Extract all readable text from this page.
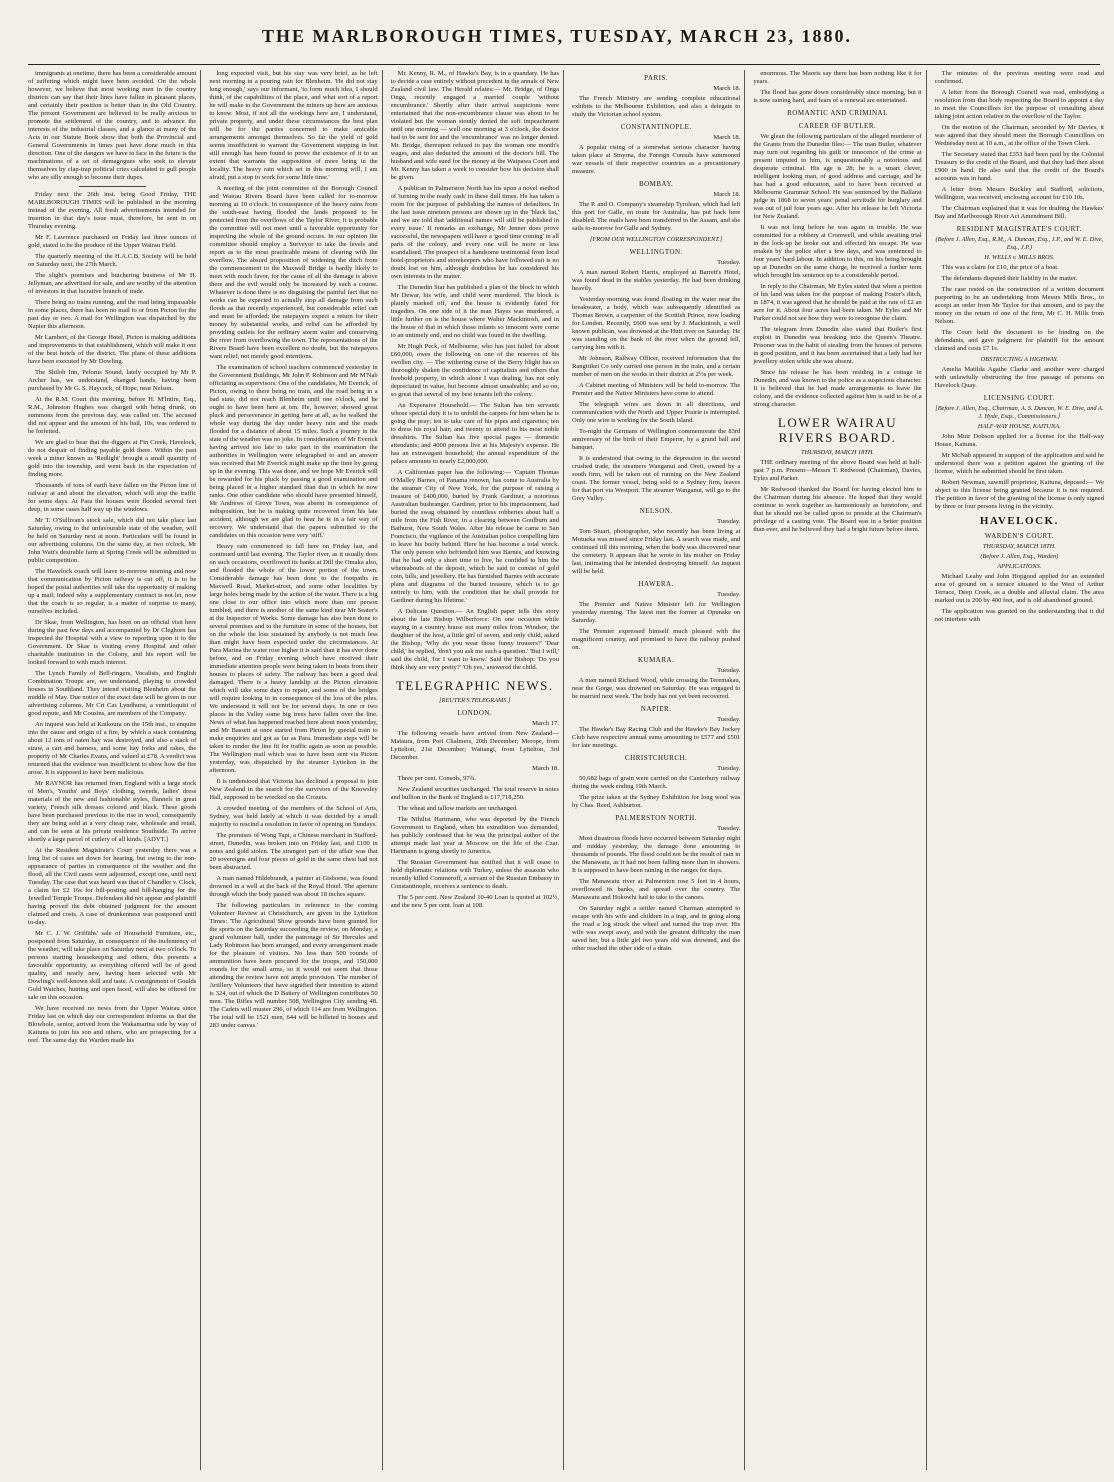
THE MARLBOROUGH TIMES, TUESDAY, MARCH 23, 1880.

immigrants at onetime, there has been a considerable amount of suffering which might have been avoided. On the whole however, we believe that most working men in the country districts can say that their lines have fallen in pleasant places, and certainly their position is better than in the Old Country. The present Government are believed to be really anxious to promote the settlement of the country, and to advance the interests of the industrial classes, and a glance at many of the Acts in our Statute Book show that both the Provincial and General Governments in times past have done much in this direction. One of the dangers we have to face in the future is the machinations of a set of demagogues who seek to elevate themselves by clap-trap political cries calculated to gull people who are silly enough to become their dupes.

Friday next the 26th inst. being Good Friday, THE MARLBOROUGH TIMES will be published in the morning instead of the evening. All fresh advertisements intended for insertion in that day's issue must, therefore, be sent in on Thursday evening.

Mr F. Lawrence purchased on Friday last three ounces of gold, stated to be the produce of the Upper Wairau Field.

The quarterly meeting of the H.A.C.B. Society will be held on Saturday next, the 27th March.

The slight's premises and butchering business of Mr H. Jellyman, are advertised for sale, and are worthy of the attention of investors in that lucrative branch of trade.

There being no trains running, and the road being impassable in some places, there has been no mail to or from Picton for the past day or two. A mail for Wellington was dispatched by the Napier this afternoon.

Mr Lambert, of the George Hotel, Picton is making additions and improvements to that establishment, which will make it one of the best hotels of the district. The plans of these additions have been executed by Mr Dowling.

The Shiloh Inn, Pelorus Sound, lately occupied by Mr P. Archer has, we understand, changed hands, having been purchased by Mr G. S. Haycock, of Hope, near Nelson.

At the R.M. Court this morning, before H. M'Intire, Esq., R.M., Johnston Hughes was charged with being drunk, on summons from the previous day, was called on. The accused did not appear and the amount of his bail, 10s, was ordered to be forfeited.

We are glad to hear that the diggers at Fin Creek, Havelock, do not despair of finding payable gold there. Within the past week a miner known as 'Redlight' brought a small quantity of gold into the township, and went back in the expectation of finding more.

Thousands of tons of earth have fallen on the Picton line of railway at and about the elevation, which will stop the traffic for some days. At Para the houses were flooded several feet deep, in some cases half way up the windows.

Mr T. O'Sullivan's stock sale, which did not take place last Saturday, owing to the unfavourable state of the weather, will be held on Saturday next at noon. Particulars will be found in our advertising columns. On the same day, at two o'clock, Mr John Watt's desirable farm at Spring Creek will be submitted to public competition.

The Havelock coach will leave to-morrow morning and now that communication by Picton railway is cut off, it is to be hoped the postal authorities will take the opportunity of making up a mail; indeed why a supplementary contract is not let, now that the coach is so regular, is a matter of surprise to many, ourselves included.

Dr Skae, from Wellington, has been on an official visit here during the past few days and accompanied by Dr Cleghorn has inspected the Hospital with a view to reporting upon it to the Government. Dr Skae is visiting every Hospital and other charitable institution in the Colony, and his report will be looked forward to with much interest.

The Lynch Family of Bell-ringers, Vocalists, and English Combination Troupe are, we understand, playing to crowded houses in Southland. They intend visiting Blenheim about the middle of May. Due notice of the exact date will be given in our advertising columns. Mr Cri Cas Lyndhurst, a ventriloquist of good repute, and Mr Cousins, are members of the Company.

An inquest was held at Kaikoura on the 15th inst., to enquire into the cause and origin of a fire, by which a stack containing about 12 tons of oaten hay was destroyed, and also a stack of straw, a cart and harness, and some hay forks and rakes, the property of Mr Charles Evans, and valued at £78. A verdict was returned that the evidence was insufficient to show how the fire arose. It is supposed to have been malicious.

Mr RAYNOR has returned from England with a large stock of Men's, Youths' and Boys' clothing, tweeds, ladies' dress materials of the new and fashionable styles, flannels in great variety, French silk dresses colored and black. These goods have been purchased previous to the rise in wool, consequently they are being sold at a very cheap rate, wholesale and retail, and can be seen at his private residence Southside. To arrive shortly a large parcel of cutlery of all kinds. [ADVT.]

At the Resident Magistrate's Court yesterday there was a long list of cases set down for hearing, but owing to the non-appearance of parties in consequence of the weather and the flood, all the Civil cases were adjourned, except one, until next Tuesday. The case that was heard was that of Chandler v. Clock, a claim for £2 16s for bill-posting and bill-hanging for the Jewelled Temple Troupe. Defendant did not appear and plaintiff having proved the debt obtained judgment for the amount claimed and costs. A case of drunkenness was postponed until to-day.

Mr C. J. W. Griffiths' sale of Household Furniture, etc., postponed from Saturday, in consequence of the inclemency of the weather, will take place on Saturday next at two o'clock. To persons starting housekeeping and others, this presents a favorable opportunity, as everything offered will be of good quality, and nearly new, having been selected with Mr Dowling's well-known skill and taste. A consignment of Goulds Gold Watches, hunting and open faced, will also be offered for sale on this occasion.

We have received no news from the Upper Wairau since Friday last on which day our correspondent informs us that the Blowhole, senior, arrived from the Wakamarina side by way of Kaituna to join his son and others, who are prospecting for a reef. The same day the Warden made his

long expected visit, but his stay was very brief, as he left next morning in a pouring rain for Blenheim. 'He did not stay long enough,' says our informant, 'to form much idea, I should think, of the capabilities of the place, and what sort of a report he will make to the Government the miners up here are anxious to know. Most, if not all the workings here are, I understand, private property, and under these circumstances the best plan will be for the parties concerned to make amicable arrangements amongst themselves. So far the yield of gold seems insufficient to warrant the Government stepping in but still enough has been found to prove the existence of it to an extent that warrants the supposition of more being in the locality. The heavy rain which set in this morning will, I am afraid, put a stop to work for some little time.'

A meeting of the joint committee of the Borough Council and Wairau Rivers Board have been called for to-morrow morning at 10 o'clock. In consequence of the heavy rains from the south-east having flooded the lands proposed to be protected from the overflows of the Taylor River, it is probable the committee will not meet until a favorable opportunity for inspecting the whole of the ground occurs. In our opinion the committee should employ a Surveyor to take the levels and report as to the most practicable means of clearing with the overflow. The absurd proposition of widening the ditch from the commencement to the Maxwell Bridge is hardly likely to meet with much favor, for the cause of all the damage is above there and the evil would only be increased by such a course. Whatever is done there is no disguising the painful fact that no works can be expected to actually stop all damage from such floods as that recently experienced, but considerable relief can and must be afforded; the ratepayers expect a return for their money by substantial works, and relief can be afforded by providing outlets for the ordinary storm water and conserving the river from overflowing the town. The representations of the Rivers Board have been excellent no doubt, but the ratepayers want relief, not merely good intentions.

The examination of school teachers commenced yesterday in the Government Buildings, Mr John P. Robinson and Mr M'Nab officiating as supervisors. One of the candidates, Mr Everick, of Picton, owing to there being no train, and the road being in a bad state, did not reach Blenheim until one o'clock, and he ought to have been here at ten. He, however, showed great pluck and perseverance in getting here at all, as he walked the whole way during the day under heavy rain and the roads flooded for a distance of about 15 miles. Such a journey in the state of the weather was no joke. In consideration of Mr Everick having arrived too late to take part in the examination the authorities in Wellington were telegraphed to and an answer was received that Mr Everick might make up the time by going up in the evening. This was done, and we hope Mr Everick will be rewarded for his pluck by passing a good examination and being placed in a higher standard than that in which he now ranks. One other candidate who should have presented himself, Mr Andrews of Grove Town, was absent in consequence of indisposition, but he is making quite recovered from his late accident, although we are glad to hear he is in a fair way of recovery. We understand that the papers submitted to the candidates on this occasion were very 'stiff.'

Heavy rain commenced to fall here on Friday last, and continued until last evening. The Taylor river, as it usually does on such occasions, overflowed its banks at Dill the Omaka also, and flooded the whole of the lower portion of the town. Considerable damage has been done to the footpaths in Maxwell Road, Market-street, and some other localities by large holes being made by the action of the water. There is a big one close to our office into which more than one person tumbled, and there is another of the same kind near Mr Seater's at the Inspector of Works. Some damage has also been done to several premises and to the furniture in some of the houses, but on the whole the loss sustained by anybody is not much less than might have been expected under the circumstances. At Para Marina the water rose higher it is said than it has ever done before, and on Friday evening which have received their immediate attention people were being taken in boats from their houses to places of safety. The railway has been a good deal damaged. There is a heavy landslip at the Picton elevation which will take some days to repair, and some of the bridges will require looking to in consequence of the loss of the piles. We understand it will not be for several days. In one or two places in the Valley some big trees have fallen over the line. News of what has happened reached here about noon yesterday, and Mr Bassett at once started from Picton by special train to make enquiries and got as far as Para. Immediate steps will be taken to render the line fit for traffic again as soon as possible. The Wellington mail which was to have been sent via Picton yesterday, was dispatched by the steamer Lyttelton in the afternoon.

It is understood that Victoria has declined a proposal to join New Zealand in the search for the survivors of the Knowsley Hall, supposed to be wrecked on the Crozets.

A crowded meeting of the members of the School of Arts, Sydney, was held lately at which it was decided by a small majority to rescind a resolution in favor of opening on Sundays.

The premises of Wong Tapi, a Chinese merchant in Stafford-street, Dunedin, was broken into on Friday last, and £100 in notes and gold stolen. The strangest part of the affair was that 20 sovereigns and four pieces of gold in the same chest had not been abstracted.

A man named Hildebrandt, a painter at Gisborne, was found drowned in a well at the back of the Royal Hotel. The aperture through which the body passed was about 18 inches square.

The following particulars in reference to the coming Volunteer Review at Christchurch, are given in the Lyttelton Times: 'The Agricultural Show grounds have been granted for the sports on the Saturday succeeding the review; on Monday, a grand volunteer ball, under the patronage of Sir Hercules and Lady Robinson has been arranged, and every arrangement made for the pleasure of visitors. No less than 500 rounds of ammunition have been procured for the troops, and 150,000 rounds for the small arms, so it would not seem that those attending the review have not ample provision. The number of Artillery Volunteers that have signified their intention to attend is 324, out of which the D Battery of Wellington contributes 50 men. The Rifles will number 508, Wellington City sending 48. The Cadets will muster 296, of which 114 are from Wellington. The total will be 1521 men, 644 will be billeted in houses and 283 under canvas.'

Mr. Kenny, R. M., of Hawke's Bay, is in a quandary. He has to decide a case entirely without precedent in the annals of New Zealand civil law. The Herald relates:— Mr. Bridge, of Onga Onga, recently engaged a married couple 'without encumbrance.' Shortly after their arrival suspicions were entertained that the non-encumbrance clause was about to be violated but the woman stoutly denied the soft impeachment until one morning — well one morning at 3 o'clock, the doctor had to be sent for and the 'encumbrance' was no longer denied. Mr. Bridge, thereupon refused to pay the woman one month's wages, and also deducted the amount of the doctor's bill. The husband and wife sued for the money at the Waipawa Court and Mr. Kenny has taken a week to consider how his decision shall be given.

A publican in Palmerston North has his upon a novel method of 'turning in the ready cash' in these dull times. He has taken a room for the purpose of publishing the names of defaulters. In the last issue nineteen persons are shown up in the 'black list,' and we are told that 'additional names will still be published in every issue.' It remarks an exchange, Mr Jenner does prove successful, the newspapers will have a 'good time coming' in all parts of the colony, and every one will be more or less scandalised. The prospect of a handsome testimonial from local hotel-proprietors and storekeepers who have followed suit is no doubt lost on him, although doubtless he has considered his own interests in the matter.

The Dunedin Star has published a plan of the block in which Mr Dewar, his wife, and child were murdered. The block is plainly marked off, and the house is evidently fated for tragedies. On one side of it the man Hayes was murdered, a little further on is the house where Walter Mackintosh, and in the house of that in which those infants so innocent were come to an untimely end, and no child was found in the dwelling.

Mr Hugh Peck, of Melbourne, who has just failed for about £60,000, owes the following on one of the reserves of his swollen city. — The withering curse of the Berry blight has so thoroughly shaken the confidence of capitalists and others that freehold property, in which alone I was dealing, has not only depreciated in value, but become almost unsaleable; and so on, so great that several of my best tenants left the colony.

An Expensive Household.— The Sultan has ten servants whose special duty it is to unfold the carpets for him when he is going the pray; ten to take care of his pipes and cigarettes; ten to dress his royal hair; and twenty to attend to his most noble dresshirts. The Sultan has five special pages — domestic attendants; and 4000 persons live at his Majesty's expense. He has an extravagant household; the annual expenditure of the palace amounts to nearly £2,000,000.

A Californian paper has the following:— 'Captain Thomas O'Malley Barnes, of Panama renown, has come to Australia by the steamer City of New York, for the purpose of raising a treasure of £400,000, buried by Frank Gardiner, a notorious Australian bushranger. Gardiner, prior to his imprisonment, had buried the swag obtained by countless robberies about half a mile from the Fish River, in a clearing between Goulburn and Bathurst, New South Wales. After his release he came to San Francisco, the vigilance of the Australian police compelling him to leave his booty behind. Here he has become a total wreck. The only person who befriended him was Barnes, and knowing that he had only a short time to live, he confided to him the whereabouts of the deposit, which he said to consist of gold coin, bills, and jewellery. He has furnished Barnes with accurate plans and diagrams of the buried treasure, which is to go entirely to him, with the condition that he shall provide for Gardiner during his lifetime.'

A Delicate Question.— An English paper tells this story about the late Bishop Wilberforce: On one occasion while staying in a country house not many miles from Windsor, the daughter of the host, a little girl of seven, and only child, asked the Bishop, 'Why do you wear those funny trousers?' 'Dear child,' he replied, 'don't you ask me such a question.' 'But I will,' said the child, 'for I want to know.' Said the Bishop: 'Do you think they are very pretty?' 'Oh yes,' answered the child.

TELEGRAPHIC NEWS.
[REUTER'S TELEGRAMS.]
LONDON.
March 17.

The following vessels have arrived from New Zealand—Mataura, from Port Chalmers, 20th December; Merope, from Lyttelton, 21st December; Waitangi, from Lyttelton, 3rd December.

March 18.

Three per cent. Consols, 97¾.

New Zealand securities unchanged. The total reserve in notes and bullion in the Bank of England is £17,718,250.

The wheat and tallow markets are unchanged.

The Nihilist Hartmann, who was deported by the French Government to England, when his extradition was demanded, has publicly confessed that he was the principal author of the attempt made last year at Moscow on the life of the Czar. Hartmann is going shortly to America.

The Russian Government has notified that it will cease to hold diplomatic relations with Turkey, unless the assassin who recently killed Commeroff, a servant of the Russian Embassy in Constantinople, receives a sentence to death.

The 5 per cent. New Zealand 10-40 Loan is quoted at 102½, and the new 5 per cent. loan at 108.

PARIS.
March 18.

The French Ministry are sending complete educational exhibits to the Melbourne Exhibition, and also a delegate to study the Victorian school system.

CONSTANTINOPLE.
March 18.

A popular rising of a somewhat serious character having taken place at Smyrna, the Foreign Consuls have summoned war vessels of their respective countries as a precautionary measure.

BOMBAY.
March 18.

The P. and O. Company's steamship Tyrolean, which had left this port for Galle, en route for Australia, has put back here disabled. The mails have been transferred to the Assam, and she sails to-morrow for Galle and Sydney.

[FROM OUR WELLINGTON CORRESPONDENT.]
WELLINGTON.
Tuesday.

A man named Robert Harris, employed at Barrett's Hotel, was found dead in the stables yesterday. He had been drinking heavily.

Yesterday morning was found floating in the water near the breakwater, a body, which was subsequently identified as Thomas Brown, a carpenter of the Scottish Prince, now loading for London. Recently, £600 was sent by J. Mackintosh, a well known publican, was drowned at the Hutt river on Saturday. He was standing on the bank of the river when the ground fell, carrying him with it.

Mr Johnson, Railway Officer, received information that the Rangitikei Co only carried one person in the train, and a certain number of men on the works in their district at 2½s per week.

A Cabinet meeting of Ministers will be held to-morrow. The Premier and the Native Ministers have come to attend.

The telegraph wires are down in all directions, and communication with the North and Upper Prairie is interrupted. Only one wire is working for the South Island.

To-night the Germans of Wellington commemorate the 83rd anniversary of the birth of their Emperor, by a grand ball and banquet.

It is understood that owing to the depression in the second crushed trade, the steamers Wanganui and Oreti, owned by a south firm, will be taken out of running on the New Zealand coast. The former vessel, being sold to a Sydney firm, leaves for that port via Westport. The steamer Wanganui, will go to the Grey Valley.

NELSON.
Tuesday.

Tom Stuart, photographer, who recently has been living at Motueka was missed since Friday last. A search was made, and continued till this morning, when the body was discovered near the cemetery. It appears that he wrote to his mother on Friday last, intimating that he intended destroying himself. An inquest will be held.

HAWERA.
Tuesday.

The Premier and Native Minister left for Wellington yesterday morning. The latest met the former at Opunake on Saturday.

The Premier expressed himself much pleased with the magnificent country, and promised to have the railway pushed on.

KUMARA.
Tuesday.

A man named Richard Wood, while crossing the Teremakau, near the Gorge, was drowned on Saturday. He was engaged to be married next week. The body has not yet been recovered.

NAPIER.
Tuesday.

The Hawke's Bay Racing Club and the Hawke's Bay Jockey Club have respective annual sums amounting to £577 and £501 for late meetings.

CHRISTCHURCH.
Tuesday.

50,682 bags of grain were carried on the Canterbury railway during the week ending 19th March.

The prize taken at the Sydney Exhibition for long wool was by Chas. Reed, Ashburton.

PALMERSTON NORTH.
Tuesday.

Most disastrous floods have occurred between Saturday night and midday yesterday, the damage done amounting to thousands of pounds. The flood could not be the result of rain in the Manawatu, as it had not been falling more than in showers. It is supposed to have been raining in the ranges for days.

The Manawatu river at Palmerston rose 5 feet in 4 hours, overflowed its banks, and spread over the country. The Manawatu and Hokowhi had to take to the canoes.

On Saturday night a settler named Charman attempted to escape with his wife and children in a trap, and in going along the road a log struck the wheel and turned the trap over. His wife was swept away, and with the greatest difficulty the man saved her, but a little girl two years old was drowned, and the other reached the other side of a drain.

enormous. The Maoris say there has been nothing like it for years.

The flood has gone down considerably since morning, but it is now raining hard, and fears of a renewal are entertained.

ROMANTIC AND CRIMINAL
CAREER OF BUTLER.

We glean the following particulars of the alleged murderer of the Grants from the Dunedin files:— The man Butler, whatever may turn out regarding his guilt or innocence of the crime at present imputed to him, is unquestionably a notorious and desperate criminal. His age is 28; he is a smart clever, intelligent looking man, of good address and carriage, and he has had a good education, said to have been received at Melbourne Grammar School. He was sentenced by the Ballarat judge in 1868 to seven years' penal servitude for burglary and was out of jail four years ago. After his release he left Victoria for New Zealand.

It was not long before he was again in trouble. He was committed for a robbery at Cromwell, and while awaiting trial in the lock-up he broke out and effected his escape. He was retaken by the police after a few days, and was sentenced to four years' hard labour. In addition to this, on his being brought up at Dunedin on the same charge, he received a further term which brought his sentence up to a considerable period.

In reply to the Chairman, Mr Eyles stated that when a portion of his land was taken for the purpose of making Foster's ditch, in 1874, it was agreed that he should be paid at the rate of £2 an acre for it. About four acres had been taken. Mr Eyles and Mr Parker could not see how they were to recognise the claim.

The telegram from Dunedin also stated that Butler's first exploit in Dunedin was breaking into the Queen's Theatre. Prisoner was in the habit of stealing from the houses of persons in good position, and it has been ascertained that a lady had her jewellery stolen while she was absent.

Since his release he has been residing in a cottage in Dunedin, and was known to the police as a suspicious character. It is believed that he had made arrangements to leave the colony, and the evidence collected against him is said to be of a strong character.

LOWER WAIRAU RIVERS BOARD.
THURSDAY, MARCH 18TH.

THE ordinary meeting of the above Board was held at half-past 7 p.m. Present—Messrs T. Redwood (Chairman), Davies, Eyles and Parker.

Mr Redwood thanked the Board for having elected him to the Chairman during his absence. He hoped that they would continue to work together as harmoniously as heretofore, and that he should not be called upon to preside at the Chairman's privilege of a casting vote. The Board was in a better position than ever, and he believed they had a bright future before them.

The minutes of the previous meeting were read and confirmed.

A letter from the Borough Council was read, embodying a resolution from that body respecting the Board to appoint a day to meet the Councillors for the purpose of consulting about taking joint action relative to the overflow of the Taylor.

On the motion of the Chairman, seconded by Mr Davies, it was agreed that they should meet the Borough Councillors on Wednesday next at 10 a.m., at the office of the Town Clerk.

The Secretary stated that £353 had been paid by the Colonial Treasury to the credit of the Board, and that they had then about £900 in hand. He also said that the credit of the Board's accounts was in hand.

A letter from Messrs Buckley and Stafford, solicitors, Wellington, was received, enclosing account for £10 10s.

The Chairman explained that it was for drafting the Hawkes' Bay and Marlborough River Act Amendment Bill.

RESIDENT MAGISTRATE'S COURT.
(Before J. Allen, Esq., R.M., A. Duncan, Esq., J.P., and W. E. Dive, Esq., J.P.)
H. WELLS v. MILLS BROS.

This was a claim for £10, the price of a boat.

The defendants disputed their liability in the matter.

The case rested on the construction of a written document purporting to be an undertaking from Messrs Mills Bros., to accept an order from Mr Taylor for that amount, and to pay the money on the return of one of the firm, Mr C. H. Mills from Nelson.

The Court held the document to be binding on the defendants, and gave judgment for plaintiff for the amount claimed and costs £7 1s.

OBSTRUCTING A HIGHWAY.

Amelia Matilda Agathe Clarke and another were charged with unlawfully obstructing the free passage of persons on Havelock Quay.

LICENSING COURT.
[Before J. Allen, Esq., Chairman, A. S. Duncan, W. E. Dive, and A. J. Hyde, Esqs., Commissioners.]
HALF-WAY HOUSE, KAITUNA.

John Muir Dobson applied for a license for the Half-way House, Kaituna.

Mr McNab appeared in support of the application and said he understood there was a petition against the granting of the license, which he submitted should be first taken.

Robert Newman, sawmill proprietor, Kaituna, deposed:— We object to this license being granted because it is not required. The petition in favor of the granting of the license is only signed by three or four persons living in the vicinity.

HAVELOCK.
WARDEN'S COURT.
THURSDAY, MARCH 18TH.
(Before J. Allen, Esq., Warden)
APPLICATIONS.

Michael Leahy and John Hopgood applied for an extended area of ground on a terrace situated to the West of Arthur Terrace, Deep Creek, as a double and alluvial claim. The area marked out is 200 by 400 feet, and is old abandoned ground.

The application was granted on the understanding that it did not interfere with
